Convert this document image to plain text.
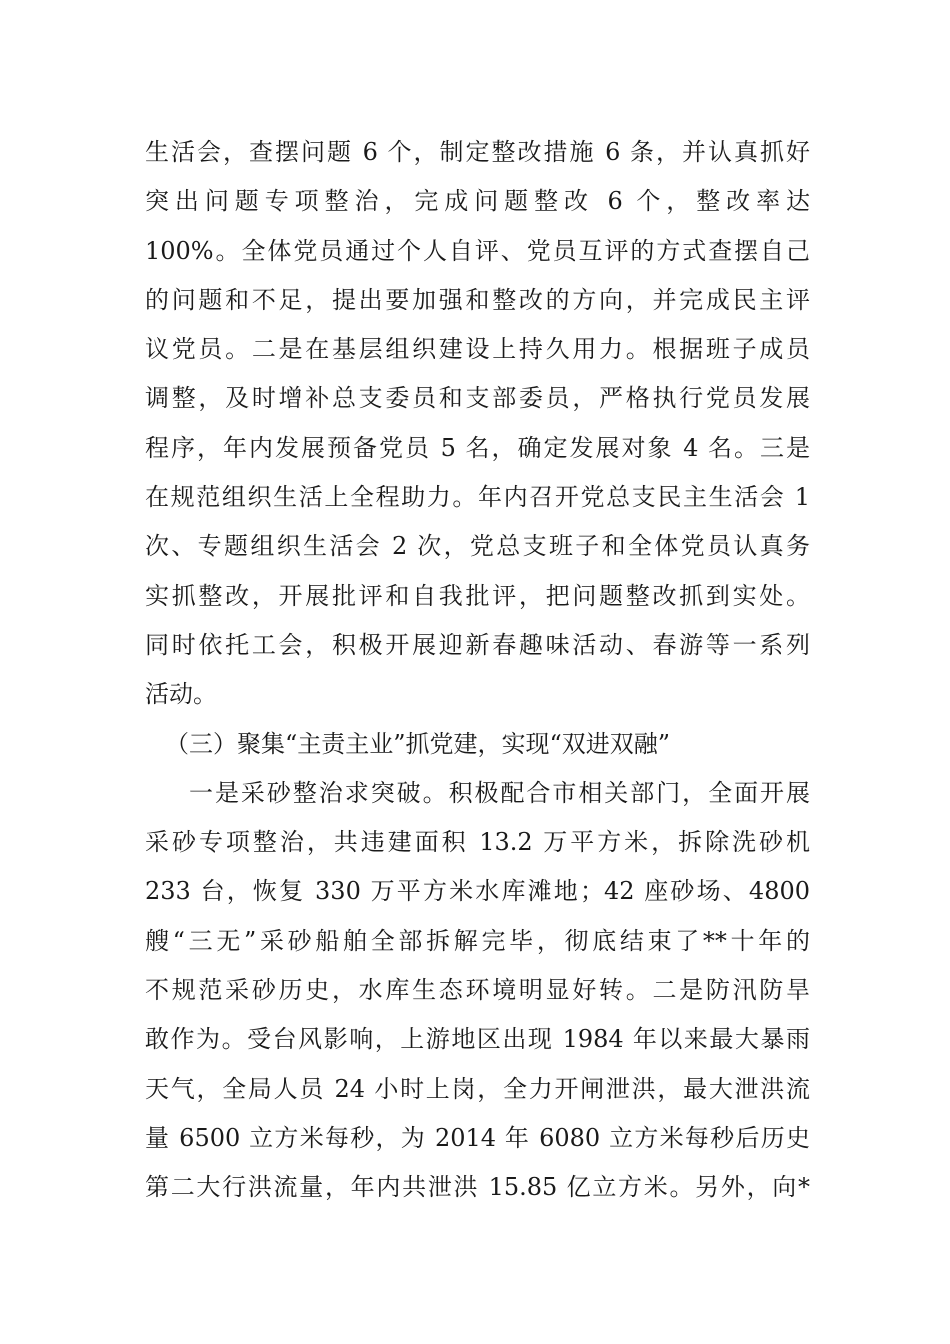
生活会，查摆问题 6 个，制定整改措施 6 条，并认真抓好
突出问题专项整治，完成问题整改 6 个，整改率达
100%。全体党员通过个人自评、党员互评的方式查摆自己
的问题和不足，提出要加强和整改的方向，并完成民主评
议党员。二是在基层组织建设上持久用力。根据班子成员
调整，及时增补总支委员和支部委员，严格执行党员发展
程序，年内发展预备党员 5 名，确定发展对象 4 名。三是
在规范组织生活上全程助力。年内召开党总支民主生活会 1
次、专题组织生活会 2 次，党总支班子和全体党员认真务
实抓整改，开展批评和自我批评，把问题整改抓到实处。
同时依托工会，积极开展迎新春趣味活动、春游等一系列
活动。
（三）聚集“主责主业”抓党建，实现“双进双融”
一是采砂整治求突破。积极配合市相关部门，全面开展
采砂专项整治，共违建面积 13.2 万平方米，拆除洗砂机
233 台，恢复 330 万平方米水库滩地；42 座砂场、4800
艘“三无”采砂船舶全部拆解完毕，彻底结束了**十年的
不规范采砂历史，水库生态环境明显好转。二是防汛防旱
敢作为。受台风影响，上游地区出现 1984 年以来最大暴雨
天气，全局人员 24 小时上岗，全力开闸泄洪，最大泄洪流
量 6500 立方米每秒，为 2014 年 6080 立方米每秒后历史
第二大行洪流量，年内共泄洪 15.85 亿立方米。另外，向*
